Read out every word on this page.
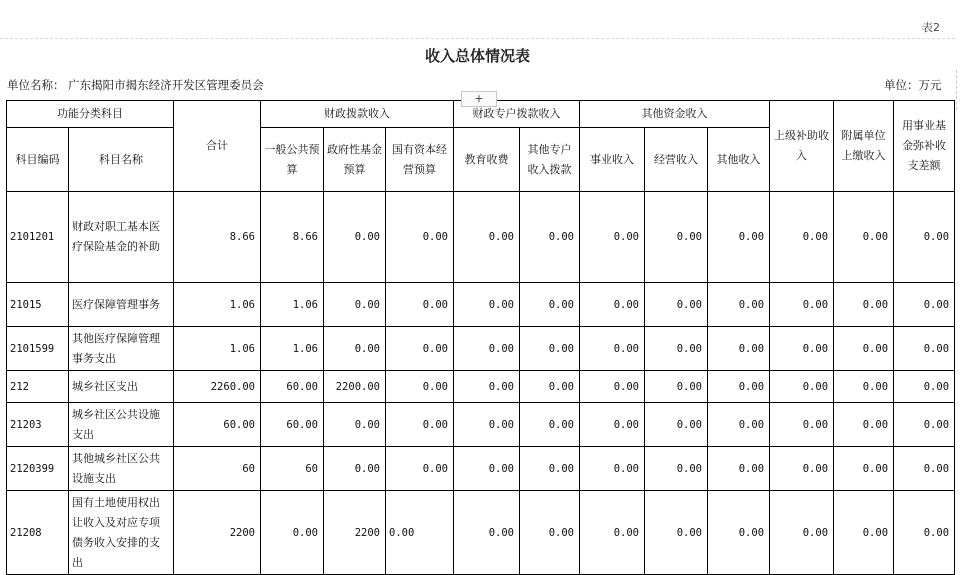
表2
收入总体情况表
单位名称： 广东揭阳市揭东经济开发区管理委员会	单位：万元
+
功能分类科目		合计	财政拨款收入			财政专户拨款收入		其他资金收入			上级补助收入	附属单位上缴收入	用事业基金弥补收支差额
科目编码	科目名称		一般公共预算	政府性基金预算	国有资本经营预算	教育收费	其他专户收入拨款	事业收入	经营收入	其他收入			
2101201	财政对职工基本医疗保险基金的补助	8.66	8.66	0.00	0.00	0.00	0.00	0.00	0.00	0.00	0.00	0.00	0.00
21015	医疗保障管理事务	1.06	1.06	0.00	0.00	0.00	0.00	0.00	0.00	0.00	0.00	0.00	0.00
2101599	其他医疗保障管理事务支出	1.06	1.06	0.00	0.00	0.00	0.00	0.00	0.00	0.00	0.00	0.00	0.00
212	城乡社区支出	2260.00	60.00	2200.00	0.00	0.00	0.00	0.00	0.00	0.00	0.00	0.00	0.00
21203	城乡社区公共设施支出	60.00	60.00	0.00	0.00	0.00	0.00	0.00	0.00	0.00	0.00	0.00	0.00
2120399	其他城乡社区公共设施支出	60	60	0.00	0.00	0.00	0.00	0.00	0.00	0.00	0.00	0.00	0.00
21208	国有土地使用权出让收入及对应专项债务收入安排的支出	2200	0.00	2200	0.00	0.00	0.00	0.00	0.00	0.00	0.00	0.00	0.00
